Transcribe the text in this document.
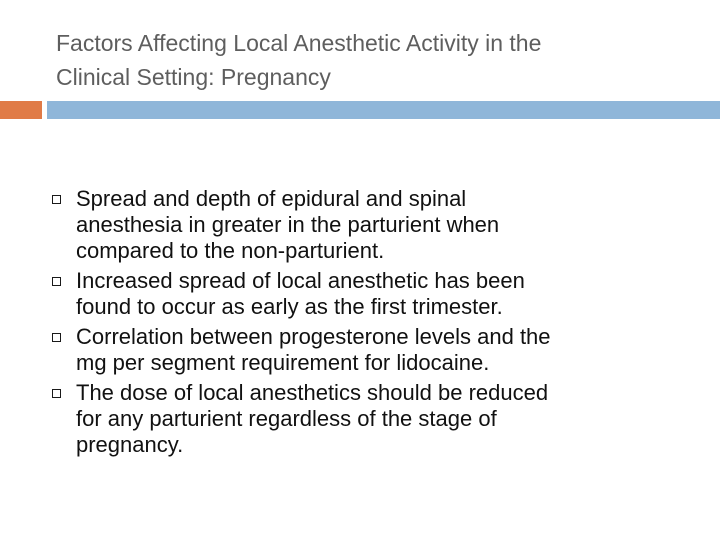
Factors Affecting Local Anesthetic Activity in the
Clinical Setting: Pregnancy
Spread and depth of epidural and spinal
anesthesia in greater in the parturient when
compared to the non-parturient.
Increased spread of local anesthetic has been
found to occur as early as the first trimester.
Correlation between progesterone levels and the
mg per segment requirement for lidocaine.
The dose of local anesthetics should be reduced
for any parturient regardless of the stage of
pregnancy.
